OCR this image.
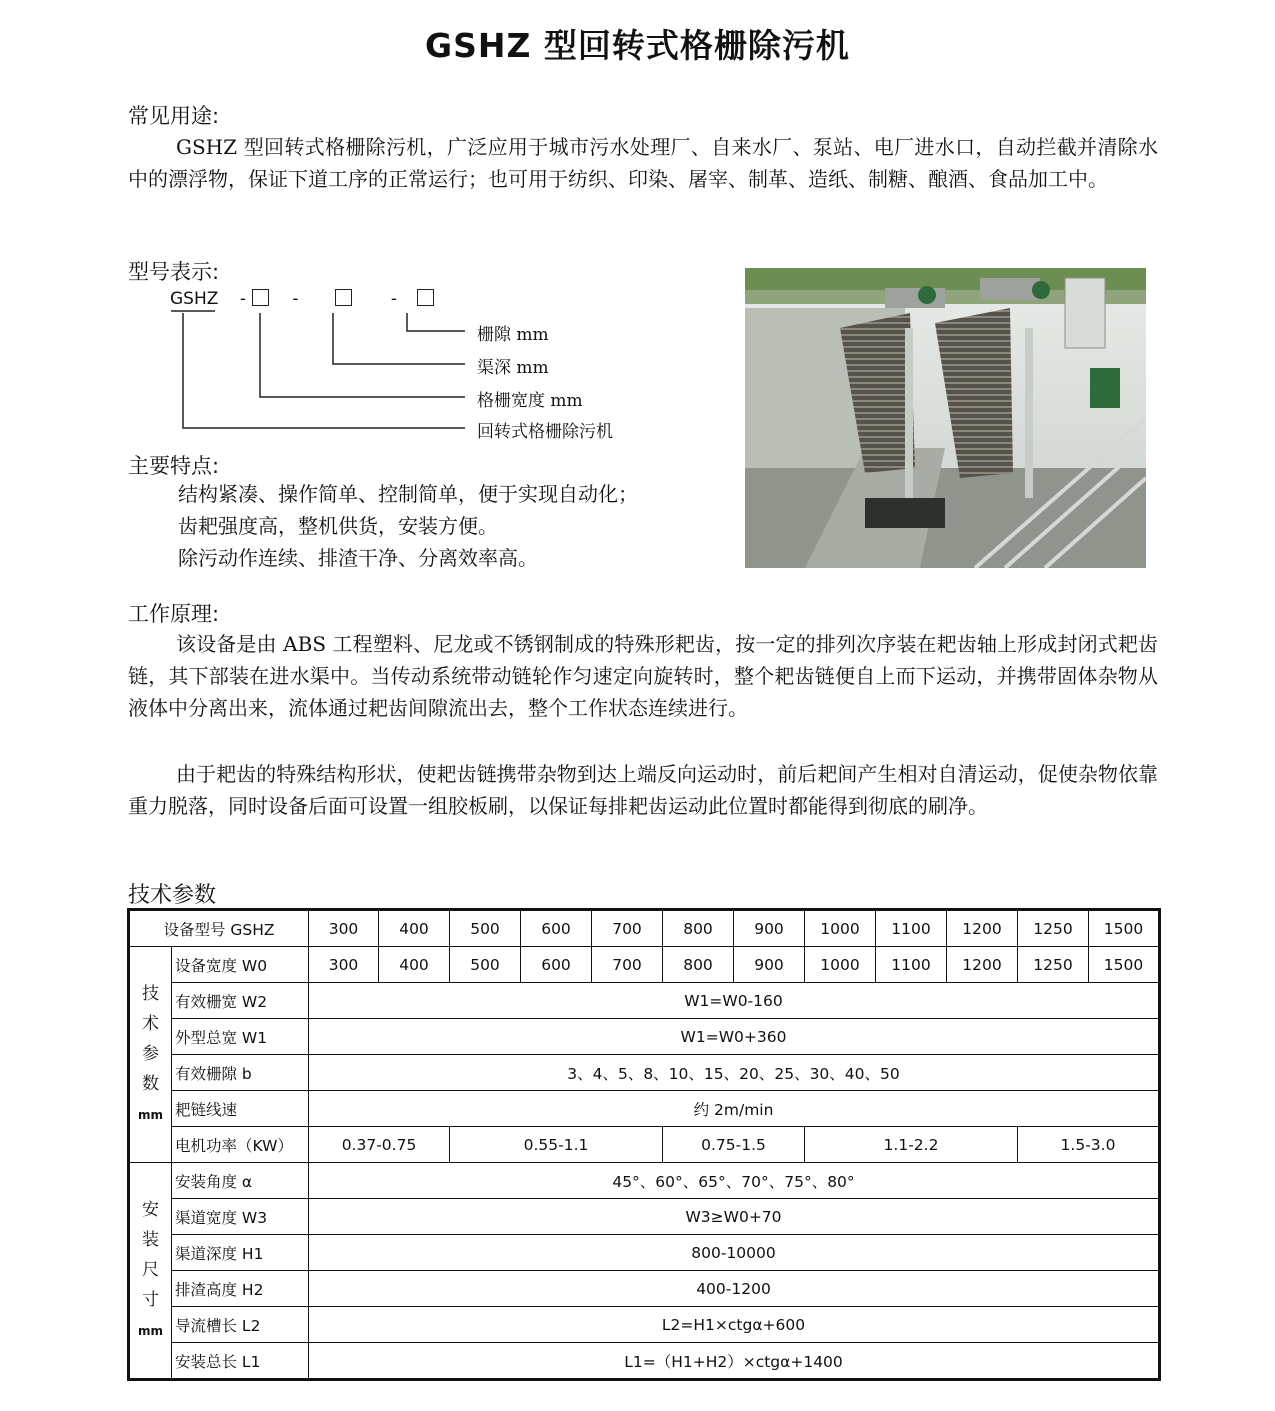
GSHZ 型回转式格栅除污机
常见用途:
GSHZ 型回转式格栅除污机，广泛应用于城市污水处理厂、自来水厂、泵站、电厂进水口，自动拦截并清除水中的漂浮物，保证下道工序的正常运行；也可用于纺织、印染、屠宰、制革、造纸、制糖、酿酒、食品加工中。
型号表示:
GSHZ -	-	-
栅隙 mm
渠深 mm
格栅宽度 mm
回转式格栅除污机
主要特点:
结构紧凑、操作简单、控制简单，便于实现自动化；
齿耙强度高，整机供货，安装方便。
除污动作连续、排渣干净、分离效率高。
工作原理:
该设备是由 ABS 工程塑料、尼龙或不锈钢制成的特殊形耙齿，按一定的排列次序装在耙齿轴上形成封闭式耙齿链，其下部装在进水渠中。当传动系统带动链轮作匀速定向旋转时，整个耙齿链便自上而下运动，并携带固体杂物从液体中分离出来，流体通过耙齿间隙流出去，整个工作状态连续进行。
由于耙齿的特殊结构形状，使耙齿链携带杂物到达上端反向运动时，前后耙间产生相对自清运动，促使杂物依靠重力脱落，同时设备后面可设置一组胶板刷，以保证每排耙齿运动此位置时都能得到彻底的刷净。
技术参数
设备型号 GSHZ		300	400	500	600	700	800	900	1000	1100	1200	1250	1500
技
术
参
数
mm	设备宽度 W0	300	400	500	600	700	800	900	1000	1100	1200	1250	1500
	有效栅宽 W2	W1=W0-160											
	外型总宽 W1	W1=W0+360											
	有效栅隙 b	3、4、5、8、10、15、20、25、30、40、50											
	耙链线速	约 2m/min											
	电机功率（KW）	0.37-0.75		0.55-1.1			0.75-1.5		1.1-2.2			1.5-3.0	
安
装
尺
寸
mm	安装角度 α	45°、60°、65°、70°、75°、80°											
	渠道宽度 W3	W3≥W0+70											
	渠道深度 H1	800-10000											
	排渣高度 H2	400-1200											
	导流槽长 L2	L2=H1×ctgα+600											
	安装总长 L1	L1=（H1+H2）×ctgα+1400											
